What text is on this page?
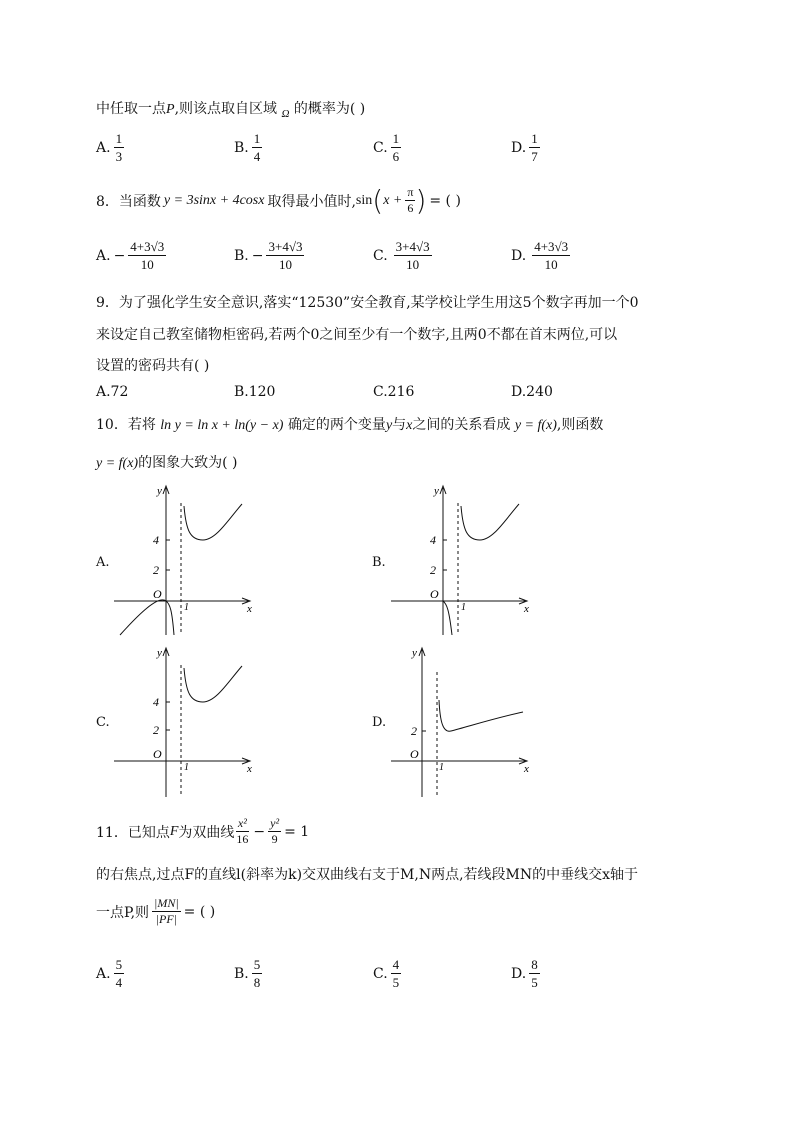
中任取一点P,则该点取自区域 $_\Omega$ 的概率为( )
A. $\frac{1}{3}$	B. $\frac{1}{4}$	C. $\frac{1}{6}$	D. $\frac{1}{7}$
8． 当函数 y = 3sinx + 4cosx 取得最小值时, sin ( $x + \frac{\pi}{6}$ ) = ( )
A. − $\frac{4+3√3}{10}$	B. − $\frac{3+4√3}{10}$	C. $\frac{3+4√3}{10}$	D. $\frac{4+3√3}{10}$
9．为了强化学生安全意识,落实“12530”安全教育,某学校让学生用这5个数字再加一个0
来设定自己教室储物柜密码,若两个0之间至少有一个数字,且两0不都在首末两位,可以
设置的密码共有( )
A.72	B.120	C.216	D.240
10．若将 ln y = ln x + ln(y − x) 确定的两个变量y与x之间的关系看成 y = f(x),则函数
y = f(x)的图象大致为( )
A.
y
x
O
4
2
1
B.
y
x
O
4
2
1
C.
y
x
O
4
2
1
D.
y
x
O
2
1
11． 已知点 F 为双曲线 $\frac{\text{x²}}{16} - \frac{\text{y²}}{9} = 1$
的右焦点,过点F的直线l(斜率为k)交双曲线右支于M,N两点,若线段MN的中垂线交x轴于
一点P,则 $\frac{|MN|}{|PF|}$ = ( )
A. $\frac{5}{4}$	B. $\frac{5}{8}$	C. $\frac{4}{5}$	D. $\frac{8}{5}$
